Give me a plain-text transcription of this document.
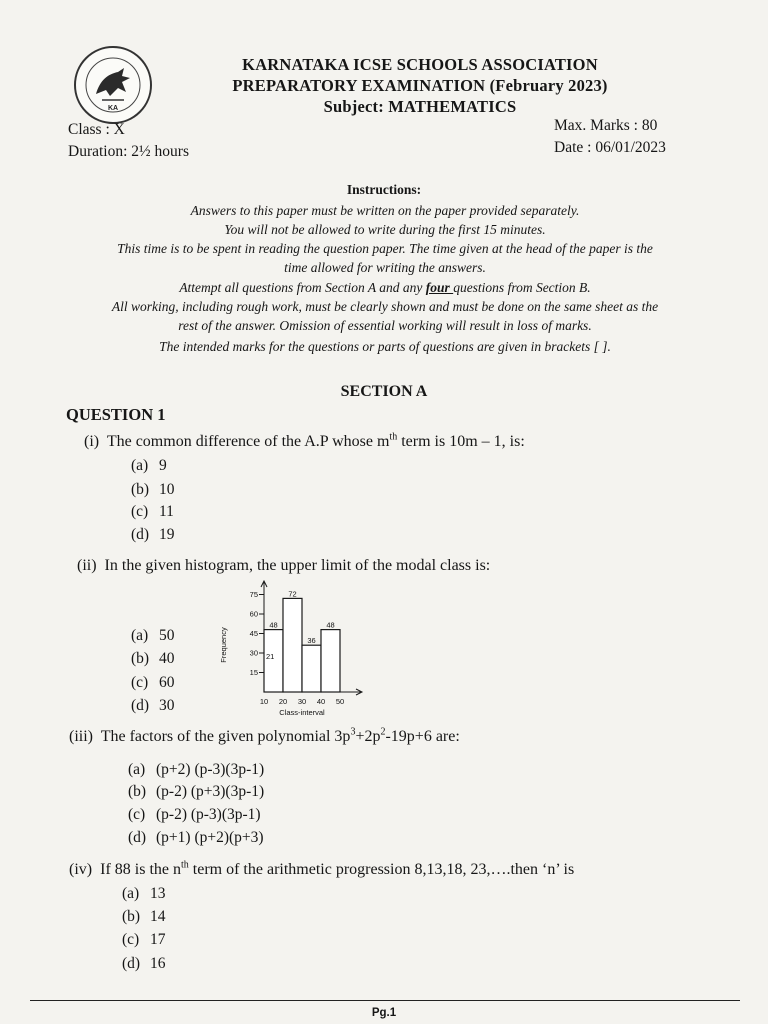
KA
KARNATAKA ICSE SCHOOLS ASSOCIATION
PREPARATORY EXAMINATION (February 2023)
Subject: MATHEMATICS
Class : X
Duration: 2½ hours
Max. Marks : 80
Date : 06/01/2023
Instructions:
Answers to this paper must be written on the paper provided separately.
You will not be allowed to write during the first 15 minutes.
This time is to be spent in reading the question paper. The time given at the head of the paper is the
time allowed for writing the answers.
Attempt all questions from Section A and any four questions from Section B.
All working, including rough work, must be clearly shown and must be done on the same sheet as the
rest of the answer. Omission of essential working will result in loss of marks.
The intended marks for the questions or parts of questions are given in brackets [ ].
SECTION A
QUESTION 1
(i) The common difference of the A.P whose $m^{th}$ term is 10m – 1, is:
(a) 9
(b) 10
(c) 11
(d) 19
(ii) In the given histogram, the upper limit of the modal class is:
(a) 50
(b) 40
(c) 60
(d) 30
48
72
36
48
15
30
45
60
75
21
10 20 30 40 50
Class-interval
Frequency
(iii) The factors of the given polynomial $3p^3+2p^2-19p+6$ are:
(a) (p+2) (p-3)(3p-1)
(b) (p-2) (p+3)(3p-1)
(c) (p-2) (p-3)(3p-1)
(d) (p+1) (p+2)(p+3)
(iv) If 88 is the $n^{th}$ term of the arithmetic progression 8,13,18, 23,….then ‘n’ is
(a) 13
(b) 14
(c) 17
(d) 16
Pg.1
